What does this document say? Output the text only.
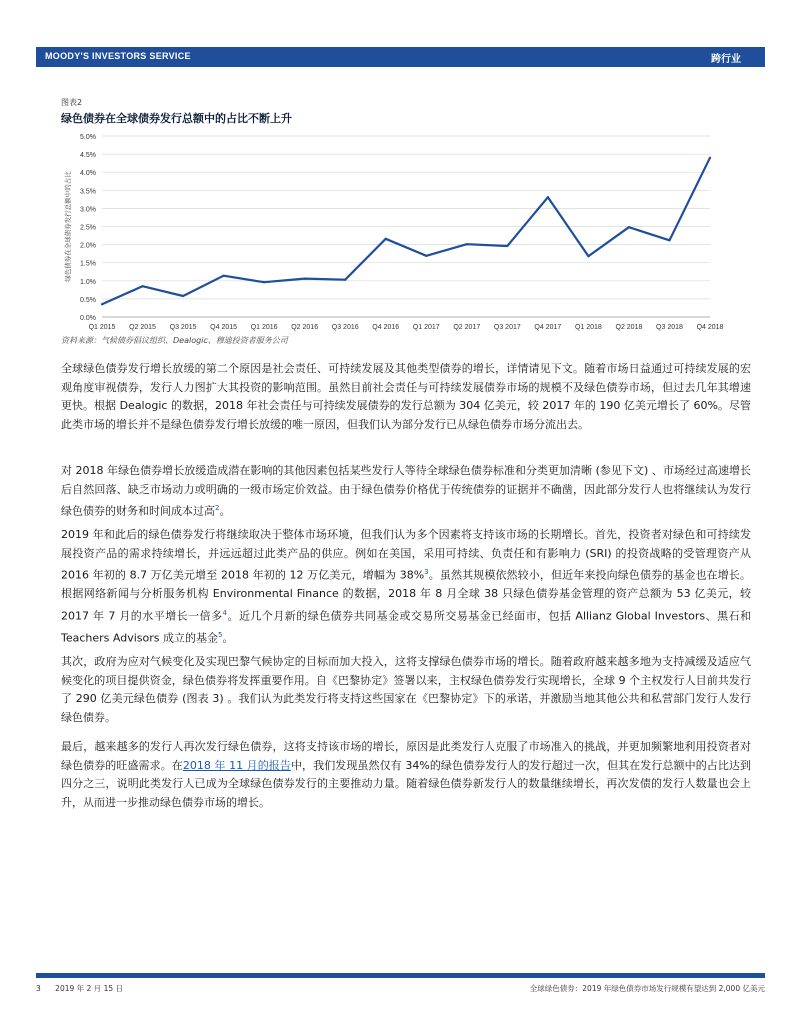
MOODY'S INVESTORS SERVICE	跨行业
图表2
绿色债券在全球债券发行总额中的占比不断上升
0.0%
0.5%
1.0%
1.5%
2.0%
2.5%
3.0%
3.5%
4.0%
4.5%
5.0%
Q1 2015 Q2 2015 Q3 2015 Q4 2015 Q1 2016 Q2 2016 Q3 2016 Q4 2016 Q1 2017 Q2 2017 Q3 2017 Q4 2017 Q1 2018 Q2 2018 Q3 2018 Q4 2018
绿色债券在全球债券发行总额中的占比
资料来源：气候债券倡议组织、Dealogic、穆迪投资者服务公司

全球绿色债券发行增长放缓的第二个原因是社会责任、可持续发展及其他类型债券的增长，详情请见下文。随着市场日益通过可持续发展的宏观角度审视债券，发行人力图扩大其投资的影响范围。虽然目前社会责任与可持续发展债券市场的规模不及绿色债券市场，但过去几年其增速更快。根据 Dealogic 的数据，2018 年社会责任与可持续发展债券的发行总额为 304 亿美元，较 2017 年的 190 亿美元增长了 60%。尽管此类市场的增长并不是绿色债券发行增长放缓的唯一原因，但我们认为部分发行已从绿色债券市场分流出去。

对 2018 年绿色债券增长放缓造成潜在影响的其他因素包括某些发行人等待全球绿色债券标准和分类更加清晰 (参见下文) 、市场经过高速增长后自然回落、缺乏市场动力或明确的一级市场定价效益。由于绿色债券价格优于传统债券的证据并不确凿，因此部分发行人也将继续认为发行绿色债券的财务和时间成本过高$^2$。

2019 年和此后的绿色债券发行将继续取决于整体市场环境，但我们认为多个因素将支持该市场的长期增长。首先，投资者对绿色和可持续发展投资产品的需求持续增长，并远远超过此类产品的供应。例如在美国，采用可持续、负责任和有影响力 (SRI) 的投资战略的受管理资产从 2016 年初的 8.7 万亿美元增至 2018 年初的 12 万亿美元，增幅为 38%$^3$。虽然其规模依然较小，但近年来投向绿色债券的基金也在增长。根据网络新闻与分析服务机构 Environmental Finance 的数据，2018 年 8 月全球 38 只绿色债券基金管理的资产总额为 53 亿美元，较 2017 年 7 月的水平增长一倍多$^4$。近几个月新的绿色债券共同基金或交易所交易基金已经面市，包括 Allianz Global Investors、黑石和 Teachers Advisors 成立的基金$^5$。

其次，政府为应对气候变化及实现巴黎气候协定的目标而加大投入，这将支撑绿色债券市场的增长。随着政府越来越多地为支持减缓及适应气候变化的项目提供资金，绿色债券将发挥重要作用。自《巴黎协定》签署以来，主权绿色债券发行实现增长，全球 9 个主权发行人目前共发行了 290 亿美元绿色债券 (图表 3) 。我们认为此类发行将支持这些国家在《巴黎协定》下的承诺，并激励当地其他公共和私营部门发行人发行绿色债券。

最后，越来越多的发行人再次发行绿色债券，这将支持该市场的增长，原因是此类发行人克服了市场准入的挑战，并更加频繁地利用投资者对绿色债券的旺盛需求。在2018 年 11 月的报告中，我们发现虽然仅有 34%的绿色债券发行人的发行超过一次，但其在发行总额中的占比达到四分之三，说明此类发行人已成为全球绿色债券发行的主要推动力量。随着绿色债券新发行人的数量继续增长，再次发债的发行人数量也会上升，从而进一步推动绿色债券市场的增长。

3 2019 年 2 月 15 日	全球绿色债券：2019 年绿色债券市场发行规模有望达到 2,000 亿美元
